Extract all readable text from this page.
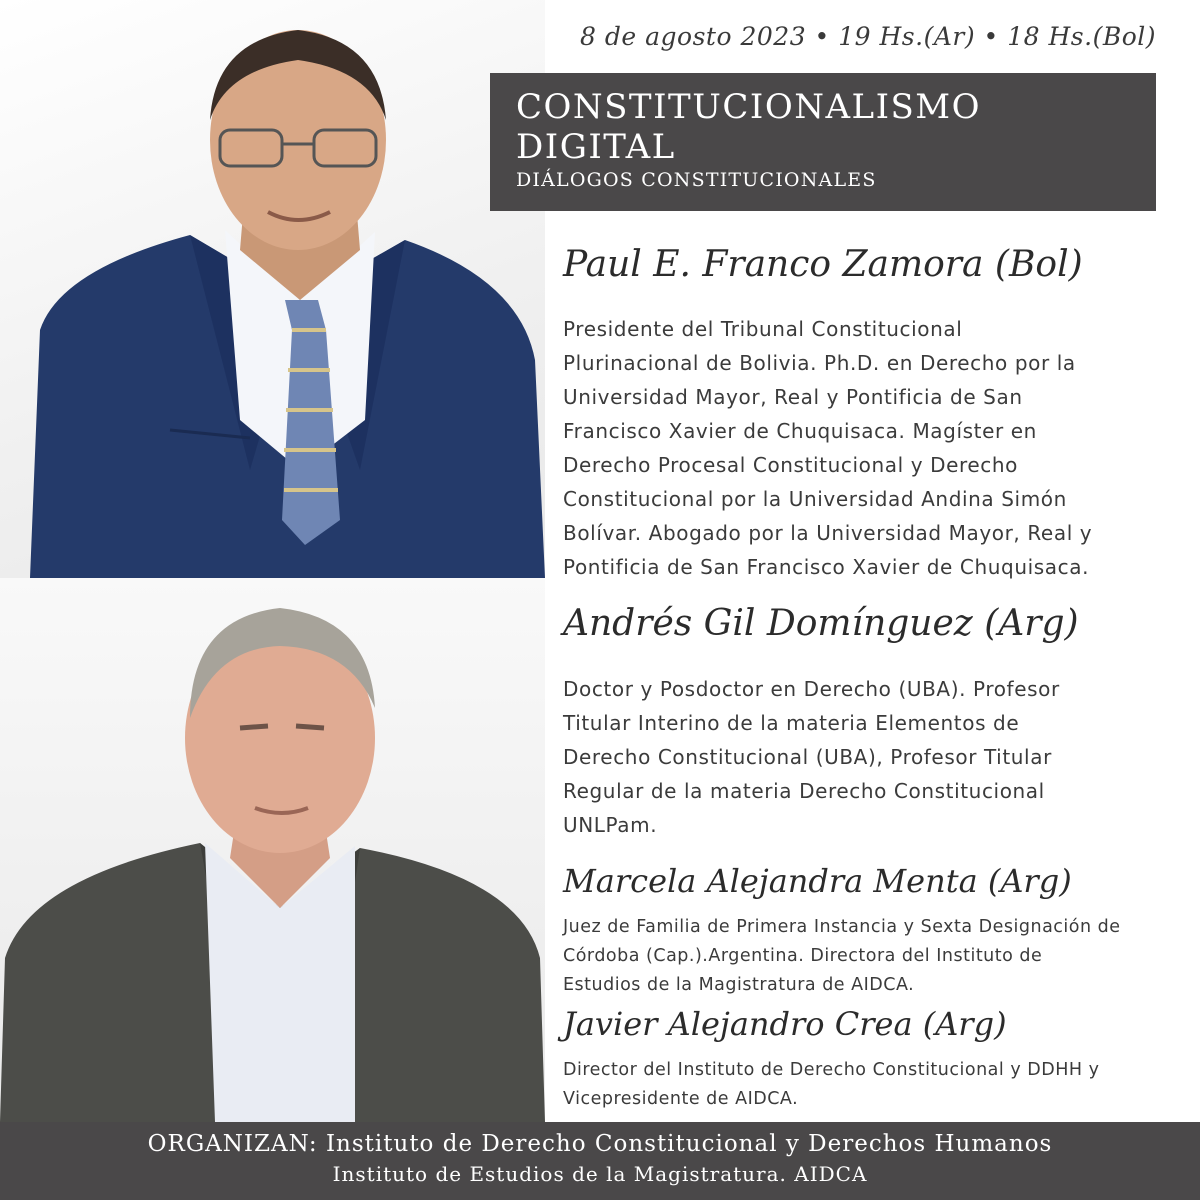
8 de agosto 2023 • 19 Hs.(Ar) • 18 Hs.(Bol)
CONSTITUCIONALISMO
DIGITAL
DIÁLOGOS CONSTITUCIONALES
Paul E. Franco Zamora (Bol)
Presidente del Tribunal Constitucional
Plurinacional de Bolivia. Ph.D. en Derecho por la
Universidad Mayor, Real y Pontificia de San
Francisco Xavier de Chuquisaca. Magíster en
Derecho Procesal Constitucional y Derecho
Constitucional por la Universidad Andina Simón
Bolívar. Abogado por la Universidad Mayor, Real y
Pontificia de San Francisco Xavier de Chuquisaca.
Andrés Gil Domínguez (Arg)
Doctor y Posdoctor en Derecho (UBA). Profesor
Titular Interino de la materia Elementos de
Derecho Constitucional (UBA), Profesor Titular
Regular de la materia Derecho Constitucional
UNLPam.
Marcela Alejandra Menta (Arg)
Juez de Familia de Primera Instancia y Sexta Designación de
Córdoba (Cap.).Argentina. Directora del Instituto de
Estudios de la Magistratura de AIDCA.
Javier Alejandro Crea (Arg)
Director del Instituto de Derecho Constitucional y DDHH y
Vicepresidente de AIDCA.
ORGANIZAN: Instituto de Derecho Constitucional y Derechos Humanos
Instituto de Estudios de la Magistratura. AIDCA
